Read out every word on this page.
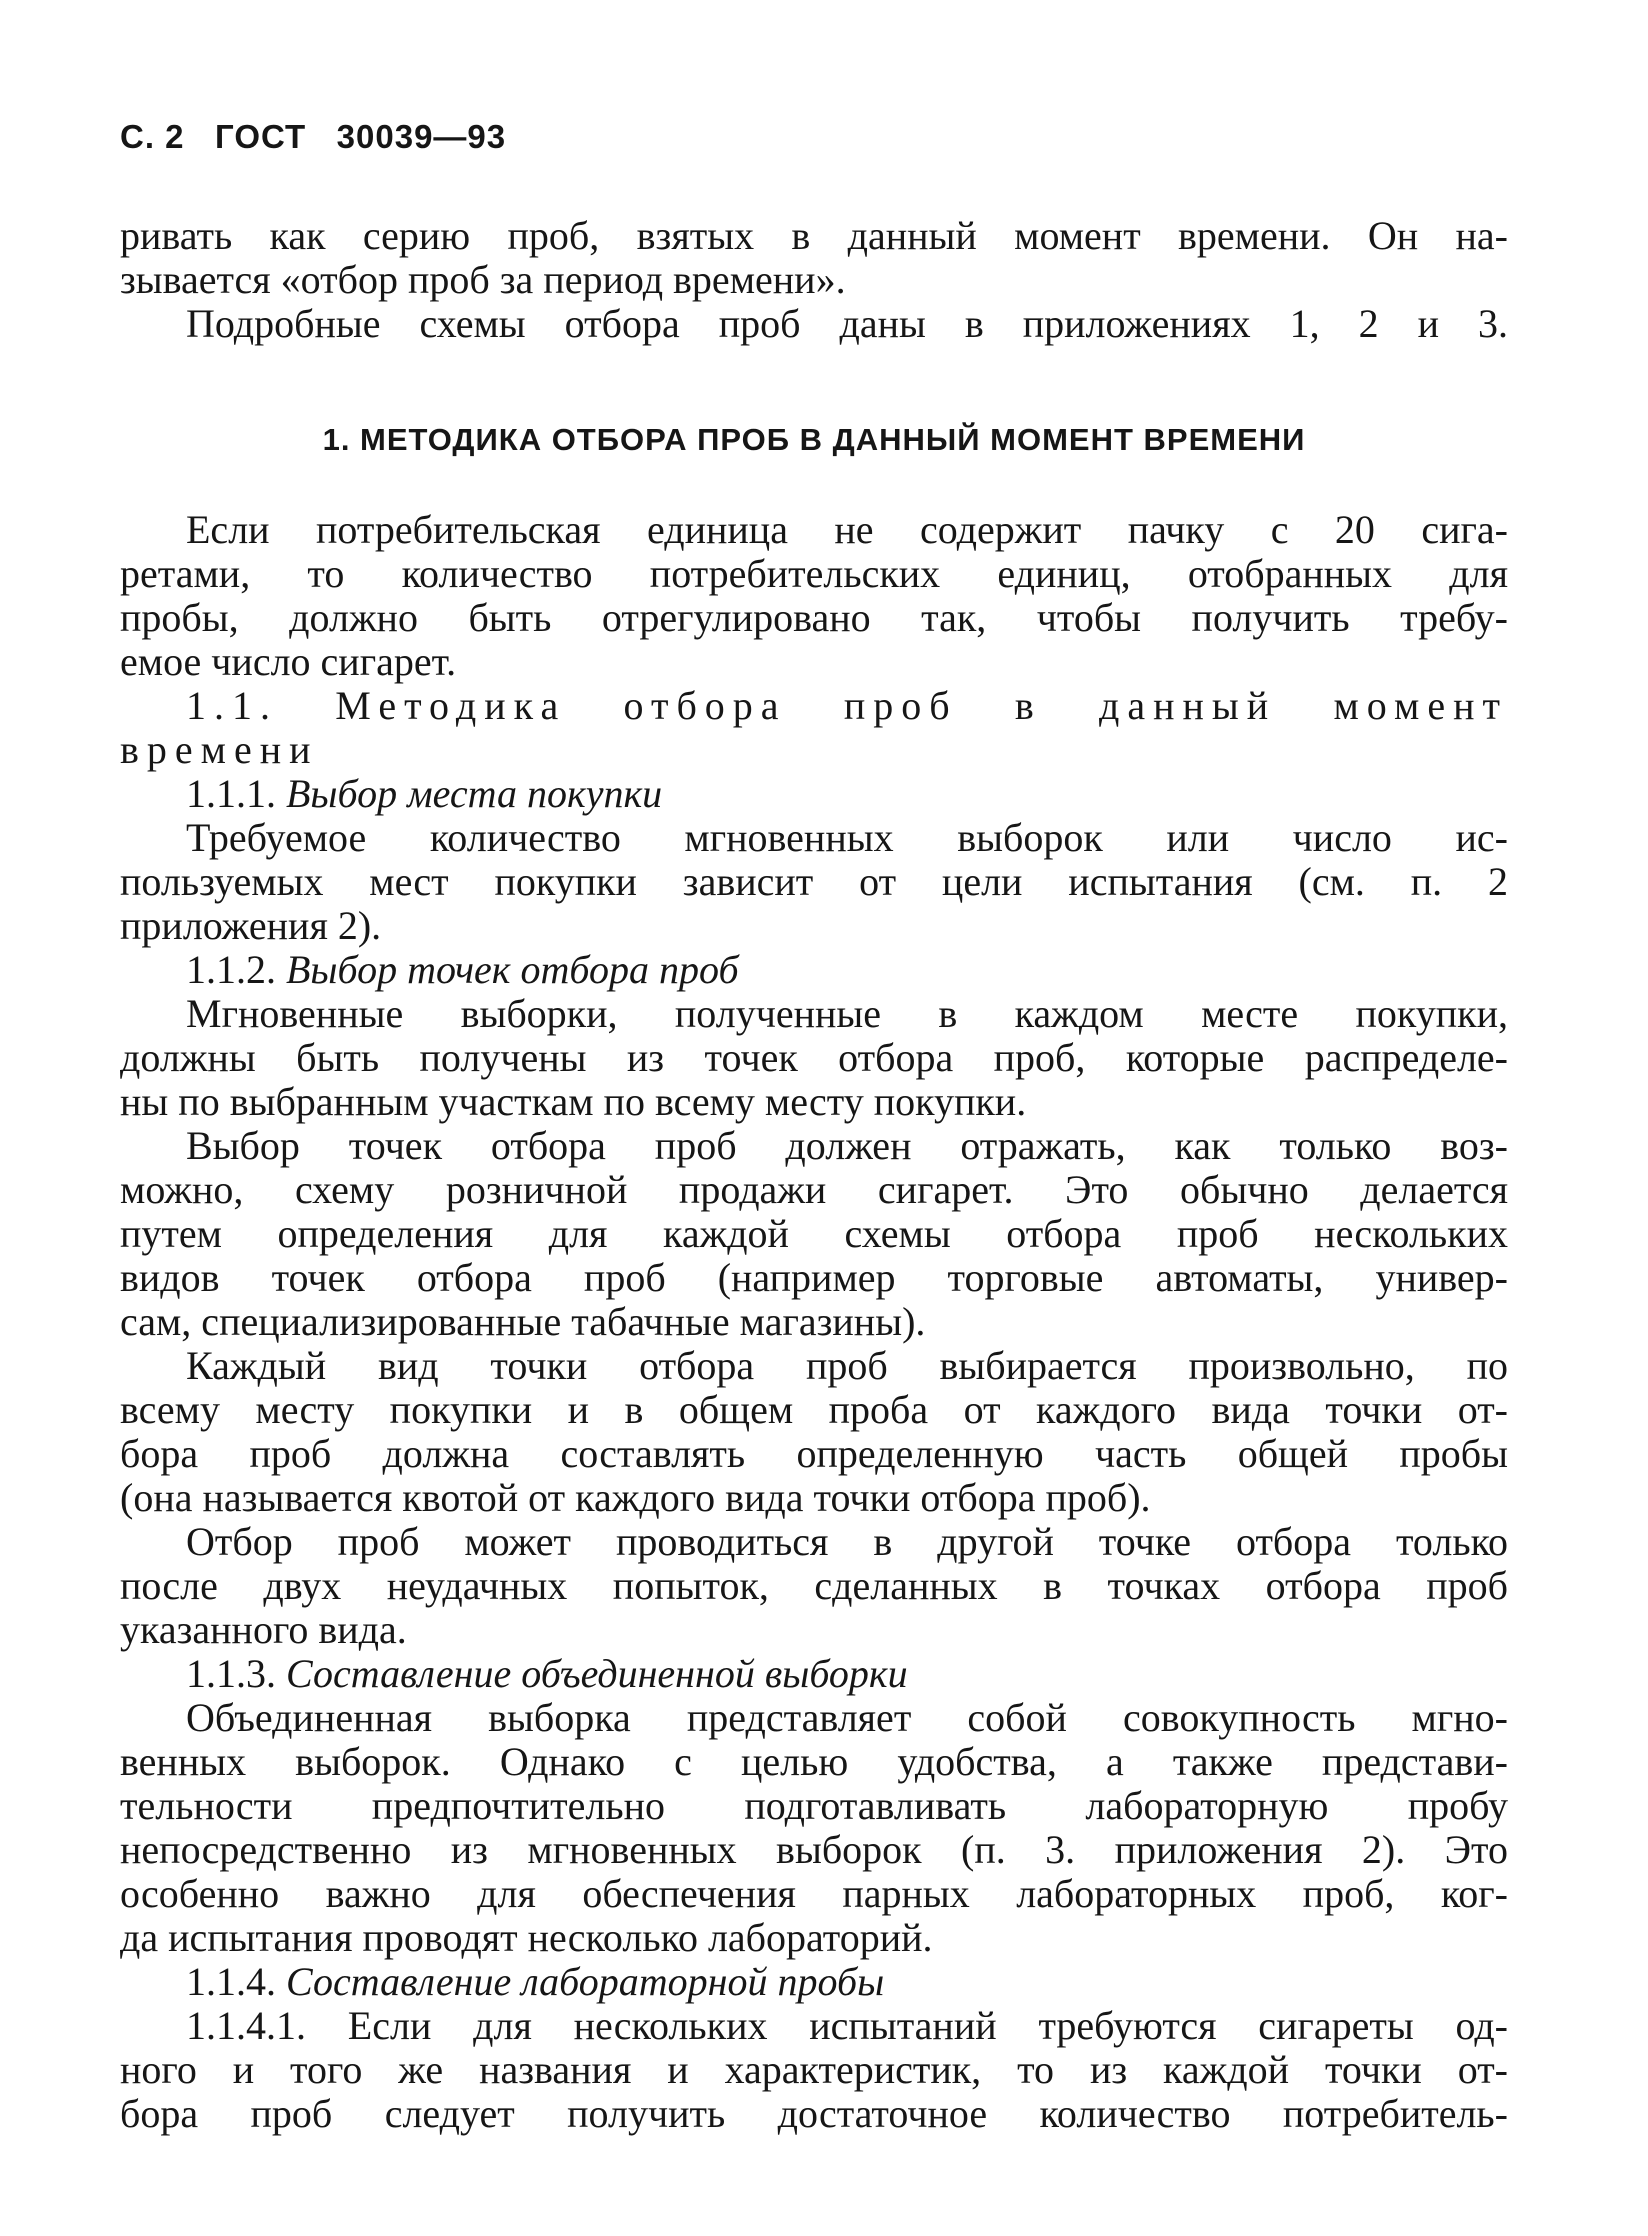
С. 2 ГОСТ 30039—93
ривать как серию проб, взятых в данный момент времени. Он на-
зывается «отбор проб за период времени».
Подробные схемы отбора проб даны в приложениях 1, 2 и 3.
1. МЕТОДИКА ОТБОРА ПРОБ В ДАННЫЙ МОМЕНТ ВРЕМЕНИ
Если потребительская единица не содержит пачку с 20 сига-
ретами, то количество потребительских единиц, отобранных для
пробы, должно быть отрегулировано так, чтобы получить требу-
емое число сигарет.
1.1. Методика отбора проб в данный момент
времени
1.1.1. Выбор места покупки
Требуемое количество мгновенных выборок или число ис-
пользуемых мест покупки зависит от цели испытания (см. п. 2
приложения 2).
1.1.2. Выбор точек отбора проб
Мгновенные выборки, полученные в каждом месте покупки,
должны быть получены из точек отбора проб, которые распределе-
ны по выбранным участкам по всему месту покупки.
Выбор точек отбора проб должен отражать, как только воз-
можно, схему розничной продажи сигарет. Это обычно делается
путем определения для каждой схемы отбора проб нескольких
видов точек отбора проб (например торговые автоматы, универ-
сам, специализированные табачные магазины).
Каждый вид точки отбора проб выбирается произвольно, по
всему месту покупки и в общем проба от каждого вида точки от-
бора проб должна составлять определенную часть общей пробы
(она называется квотой от каждого вида точки отбора проб).
Отбор проб может проводиться в другой точке отбора только
после двух неудачных попыток, сделанных в точках отбора проб
указанного вида.
1.1.3. Составление объединенной выборки
Объединенная выборка представляет собой совокупность мгно-
венных выборок. Однако с целью удобства, а также представи-
тельности предпочтительно подготавливать лабораторную пробу
непосредственно из мгновенных выборок (п. 3. приложения 2). Это
особенно важно для обеспечения парных лабораторных проб, ког-
да испытания проводят несколько лабораторий.
1.1.4. Составление лабораторной пробы
1.1.4.1. Если для нескольких испытаний требуются сигареты од-
ного и того же названия и характеристик, то из каждой точки от-
бора проб следует получить достаточное количество потребитель-
